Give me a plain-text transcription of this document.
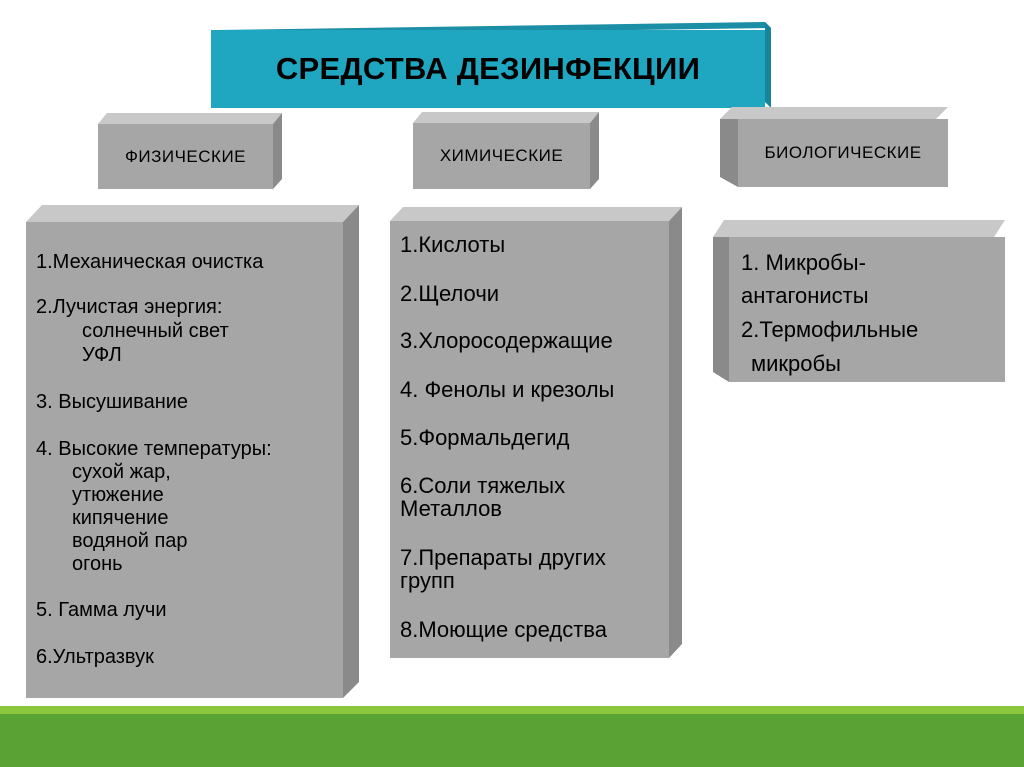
СРЕДСТВА ДЕЗИНФЕКЦИИ
ФИЗИЧЕСКИЕ	ХИМИЧЕСКИЕ	БИОЛОГИЧЕСКИЕ
1.Механическая очистка
2.Лучистая энергия:
солнечный свет
УФЛ
3. Высушивание
4. Высокие температуры:
сухой жар,
утюжение
кипячение
водяной пар
огонь
5. Гамма лучи
6.Ультразвук
1.Кислоты
2.Щелочи
3.Хлоросодержащие
4. Фенолы и крезолы
5.Формальдегид
6.Соли тяжелых
Металлов
7.Препараты других
групп
8.Моющие средства
1. Микробы-
антагонисты
2.Термофильные
микробы
